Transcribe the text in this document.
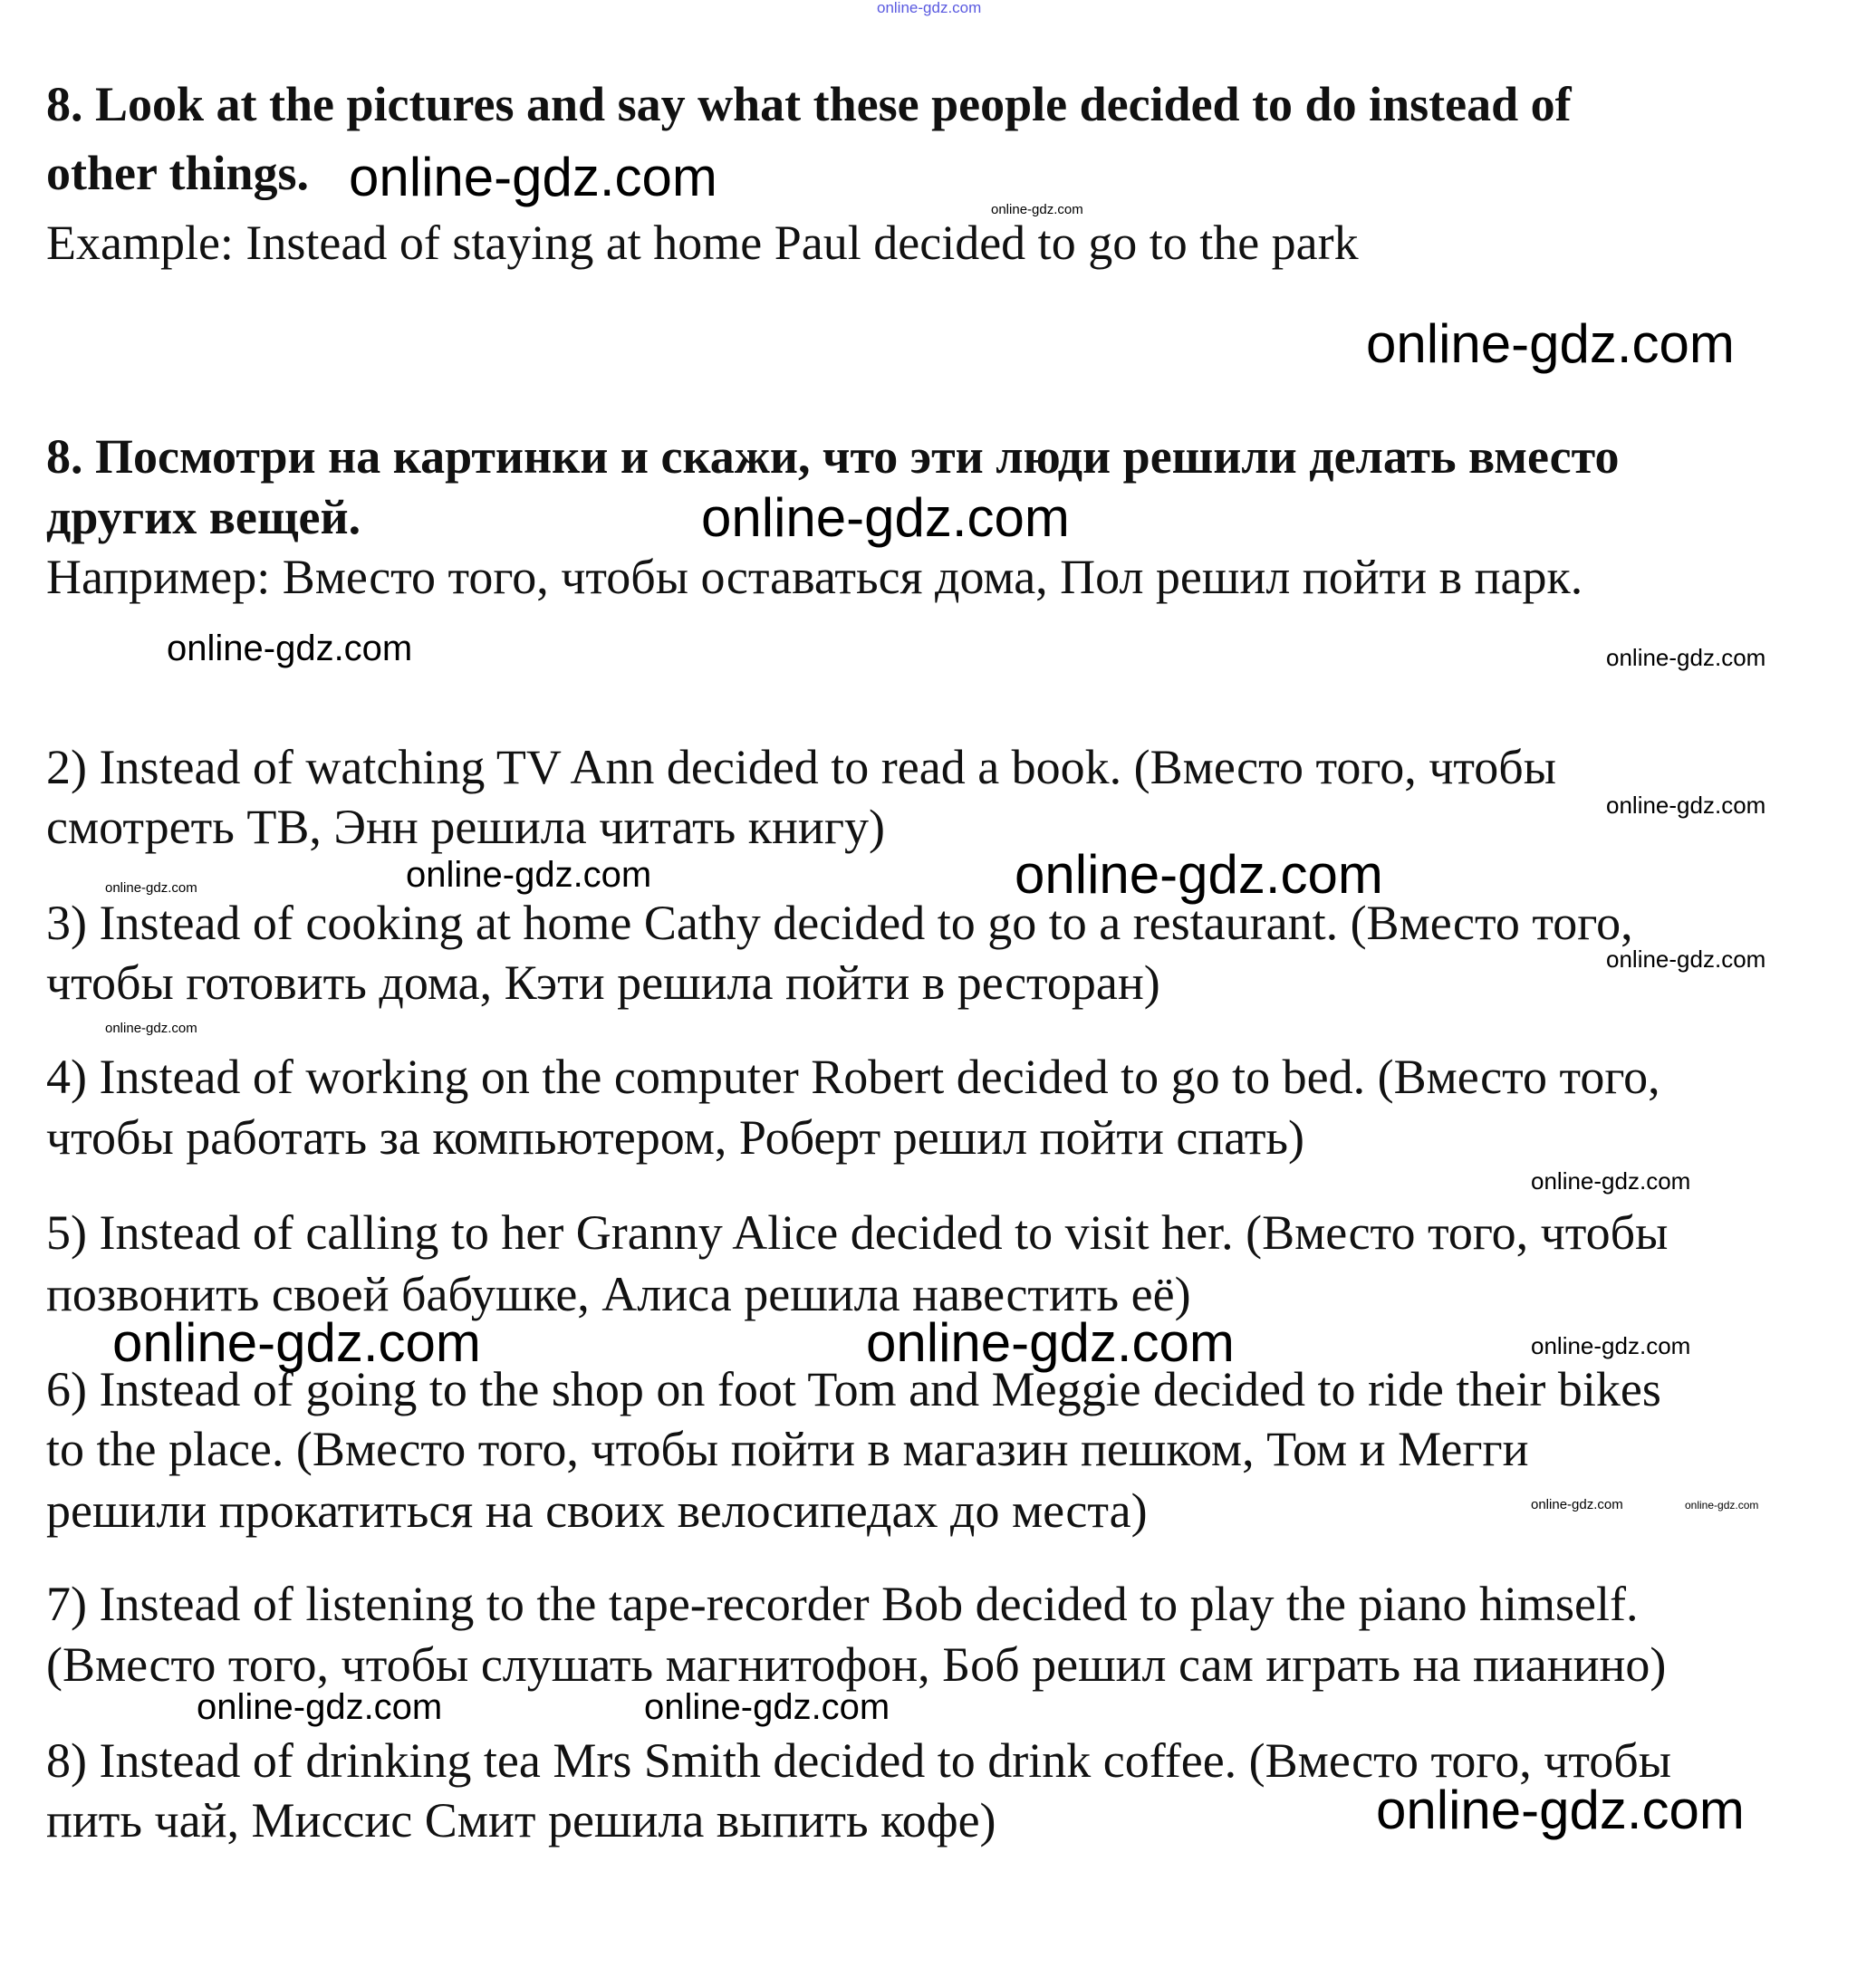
online-gdz.com
8. Look at the pictures and say what these people decided to do instead of
other things.
Example: Instead of staying at home Paul decided to go to the park
8. Посмотри на картинки и скажи, что эти люди решили делать вместо
других вещей.
Например: Вместо того, чтобы оставаться дома, Пол решил пойти в парк.
2) Instead of watching TV Ann decided to read a book. (Вместо того, чтобы
смотреть ТВ, Энн решила читать книгу)
3) Instead of cooking at home Cathy decided to go to a restaurant. (Вместо того,
чтобы готовить дома, Кэти решила пойти в ресторан)
4) Instead of working on the computer Robert decided to go to bed. (Вместо того,
чтобы работать за компьютером, Роберт решил пойти спать)
5) Instead of calling to her Granny Alice decided to visit her. (Вместо того, чтобы
позвонить своей бабушке, Алиса решила навестить её)
6) Instead of going to the shop on foot Tom and Meggie decided to ride their bikes
to the place. (Вместо того, чтобы пойти в магазин пешком, Том и Мегги
решили прокатиться на своих велосипедах до места)
7) Instead of listening to the tape-recorder Bob decided to play the piano himself.
(Вместо того, чтобы слушать магнитофон, Боб решил сам играть на пианино)
8) Instead of drinking tea Mrs Smith decided to drink coffee. (Вместо того, чтобы
пить чай, Миссис Смит решила выпить кофе)
online-gdz.com
online-gdz.com
online-gdz.com
online-gdz.com
online-gdz.com	online-gdz.com
online-gdz.com
online-gdz.com	online-gdz.com
online-gdz.com
online-gdz.com
online-gdz.com
online-gdz.com
online-gdz.com	online-gdz.com	online-gdz.com
online-gdz.com	online-gdz.com
online-gdz.com	online-gdz.com
online-gdz.com
